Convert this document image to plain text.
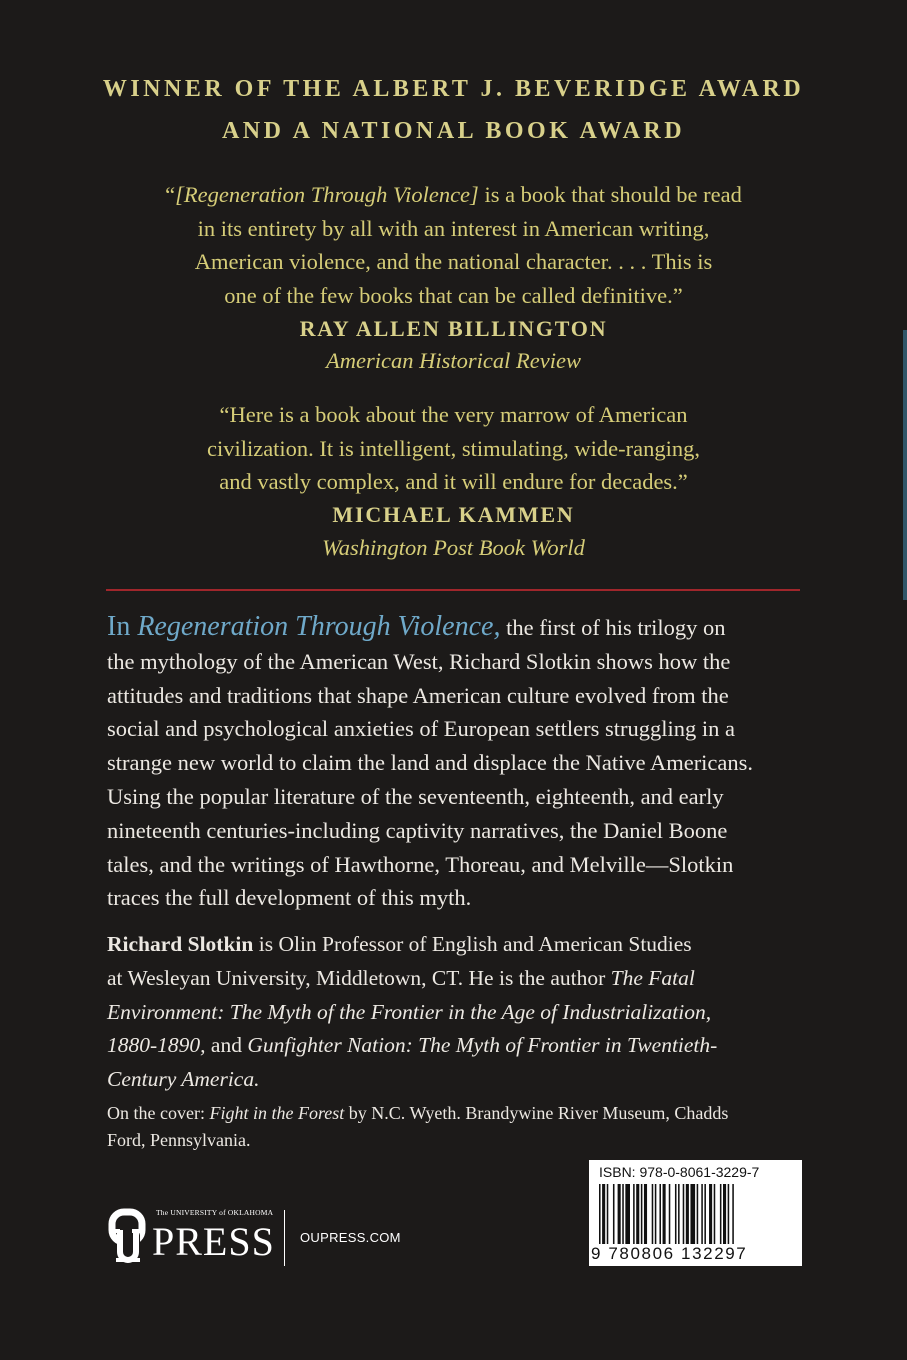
WINNER OF THE ALBERT J. BEVERIDGE AWARD
AND A NATIONAL BOOK AWARD
“[Regeneration Through Violence] is a book that should be read
in its entirety by all with an interest in American writing,
American violence, and the national character. . . . This is
one of the few books that can be called definitive.”
RAY ALLEN BILLINGTON
American Historical Review
“Here is a book about the very marrow of American
civilization. It is intelligent, stimulating, wide-ranging,
and vastly complex, and it will endure for decades.”
MICHAEL KAMMEN
Washington Post Book World
In Regeneration Through Violence, the first of his trilogy on
the mythology of the American West, Richard Slotkin shows how the
attitudes and traditions that shape American culture evolved from the
social and psychological anxieties of European settlers struggling in a
strange new world to claim the land and displace the Native Americans.
Using the popular literature of the seventeenth, eighteenth, and early
nineteenth centuries-including captivity narratives, the Daniel Boone
tales, and the writings of Hawthorne, Thoreau, and Melville—Slotkin
traces the full development of this myth.
Richard Slotkin is Olin Professor of English and American Studies
at Wesleyan University, Middletown, CT. He is the author The Fatal
Environment: The Myth of the Frontier in the Age of Industrialization,
1880-1890, and Gunfighter Nation: The Myth of Frontier in Twentieth-
Century America.
On the cover: Fight in the Forest by N.C. Wyeth. Brandywine River Museum, Chadds
Ford, Pennsylvania.
ISBN: 978-0-8061-3229-7
9 780806 132297
The UNIVERSITY of OKLAHOMA
PRESS OUPRESS.COM
